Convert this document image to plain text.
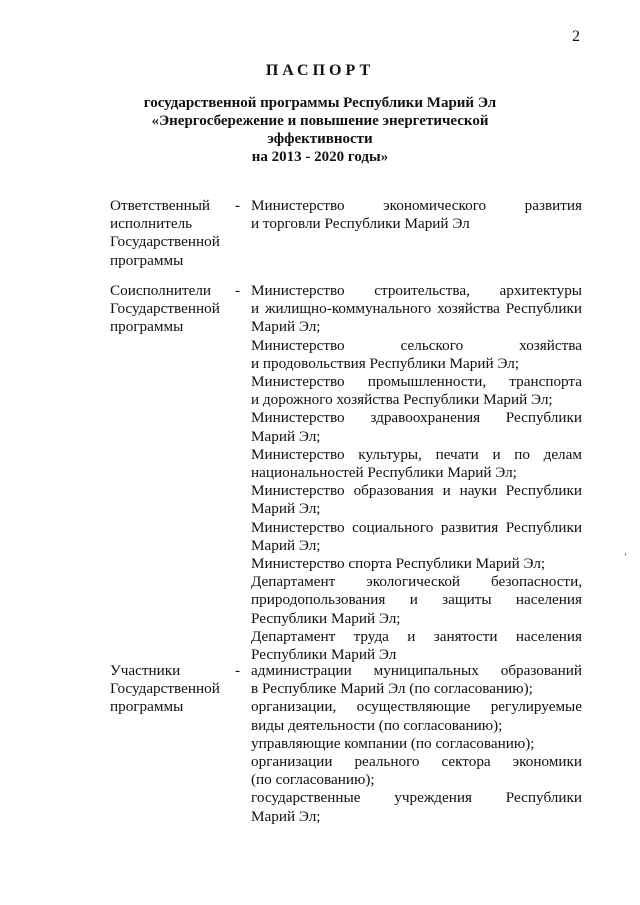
2
ПАСПОРТ
государственной программы Республики Марий Эл
«Энергосбережение и повышение энергетической эффективности
на 2013 - 2020 годы»
Ответственный исполнитель Государственной программы
- Министерство экономического развития
и торговли Республики Марий Эл
Соисполнители Государственной программы
- Министерство строительства, архитектуры
и жилищно-коммунального хозяйства Республики
Марий Эл;
Министерство сельского хозяйства
и продовольствия Республики Марий Эл;
Министерство промышленности, транспорта
и дорожного хозяйства Республики Марий Эл;
Министерство здравоохранения Республики
Марий Эл;
Министерство культуры, печати и по делам
национальностей Республики Марий Эл;
Министерство образования и науки Республики
Марий Эл;
Министерство социального развития Республики
Марий Эл;
Министерство спорта Республики Марий Эл;
Департамент экологической безопасности,
природопользования и защиты населения
Республики Марий Эл;
Департамент труда и занятости населения
Республики Марий Эл
Участники Государственной программы
- администрации муниципальных образований
в Республике Марий Эл (по согласованию);
организации, осуществляющие регулируемые
виды деятельности (по согласованию);
управляющие компании (по согласованию);
организации реального сектора экономики
(по согласованию);
государственные учреждения Республики
Марий Эл;
